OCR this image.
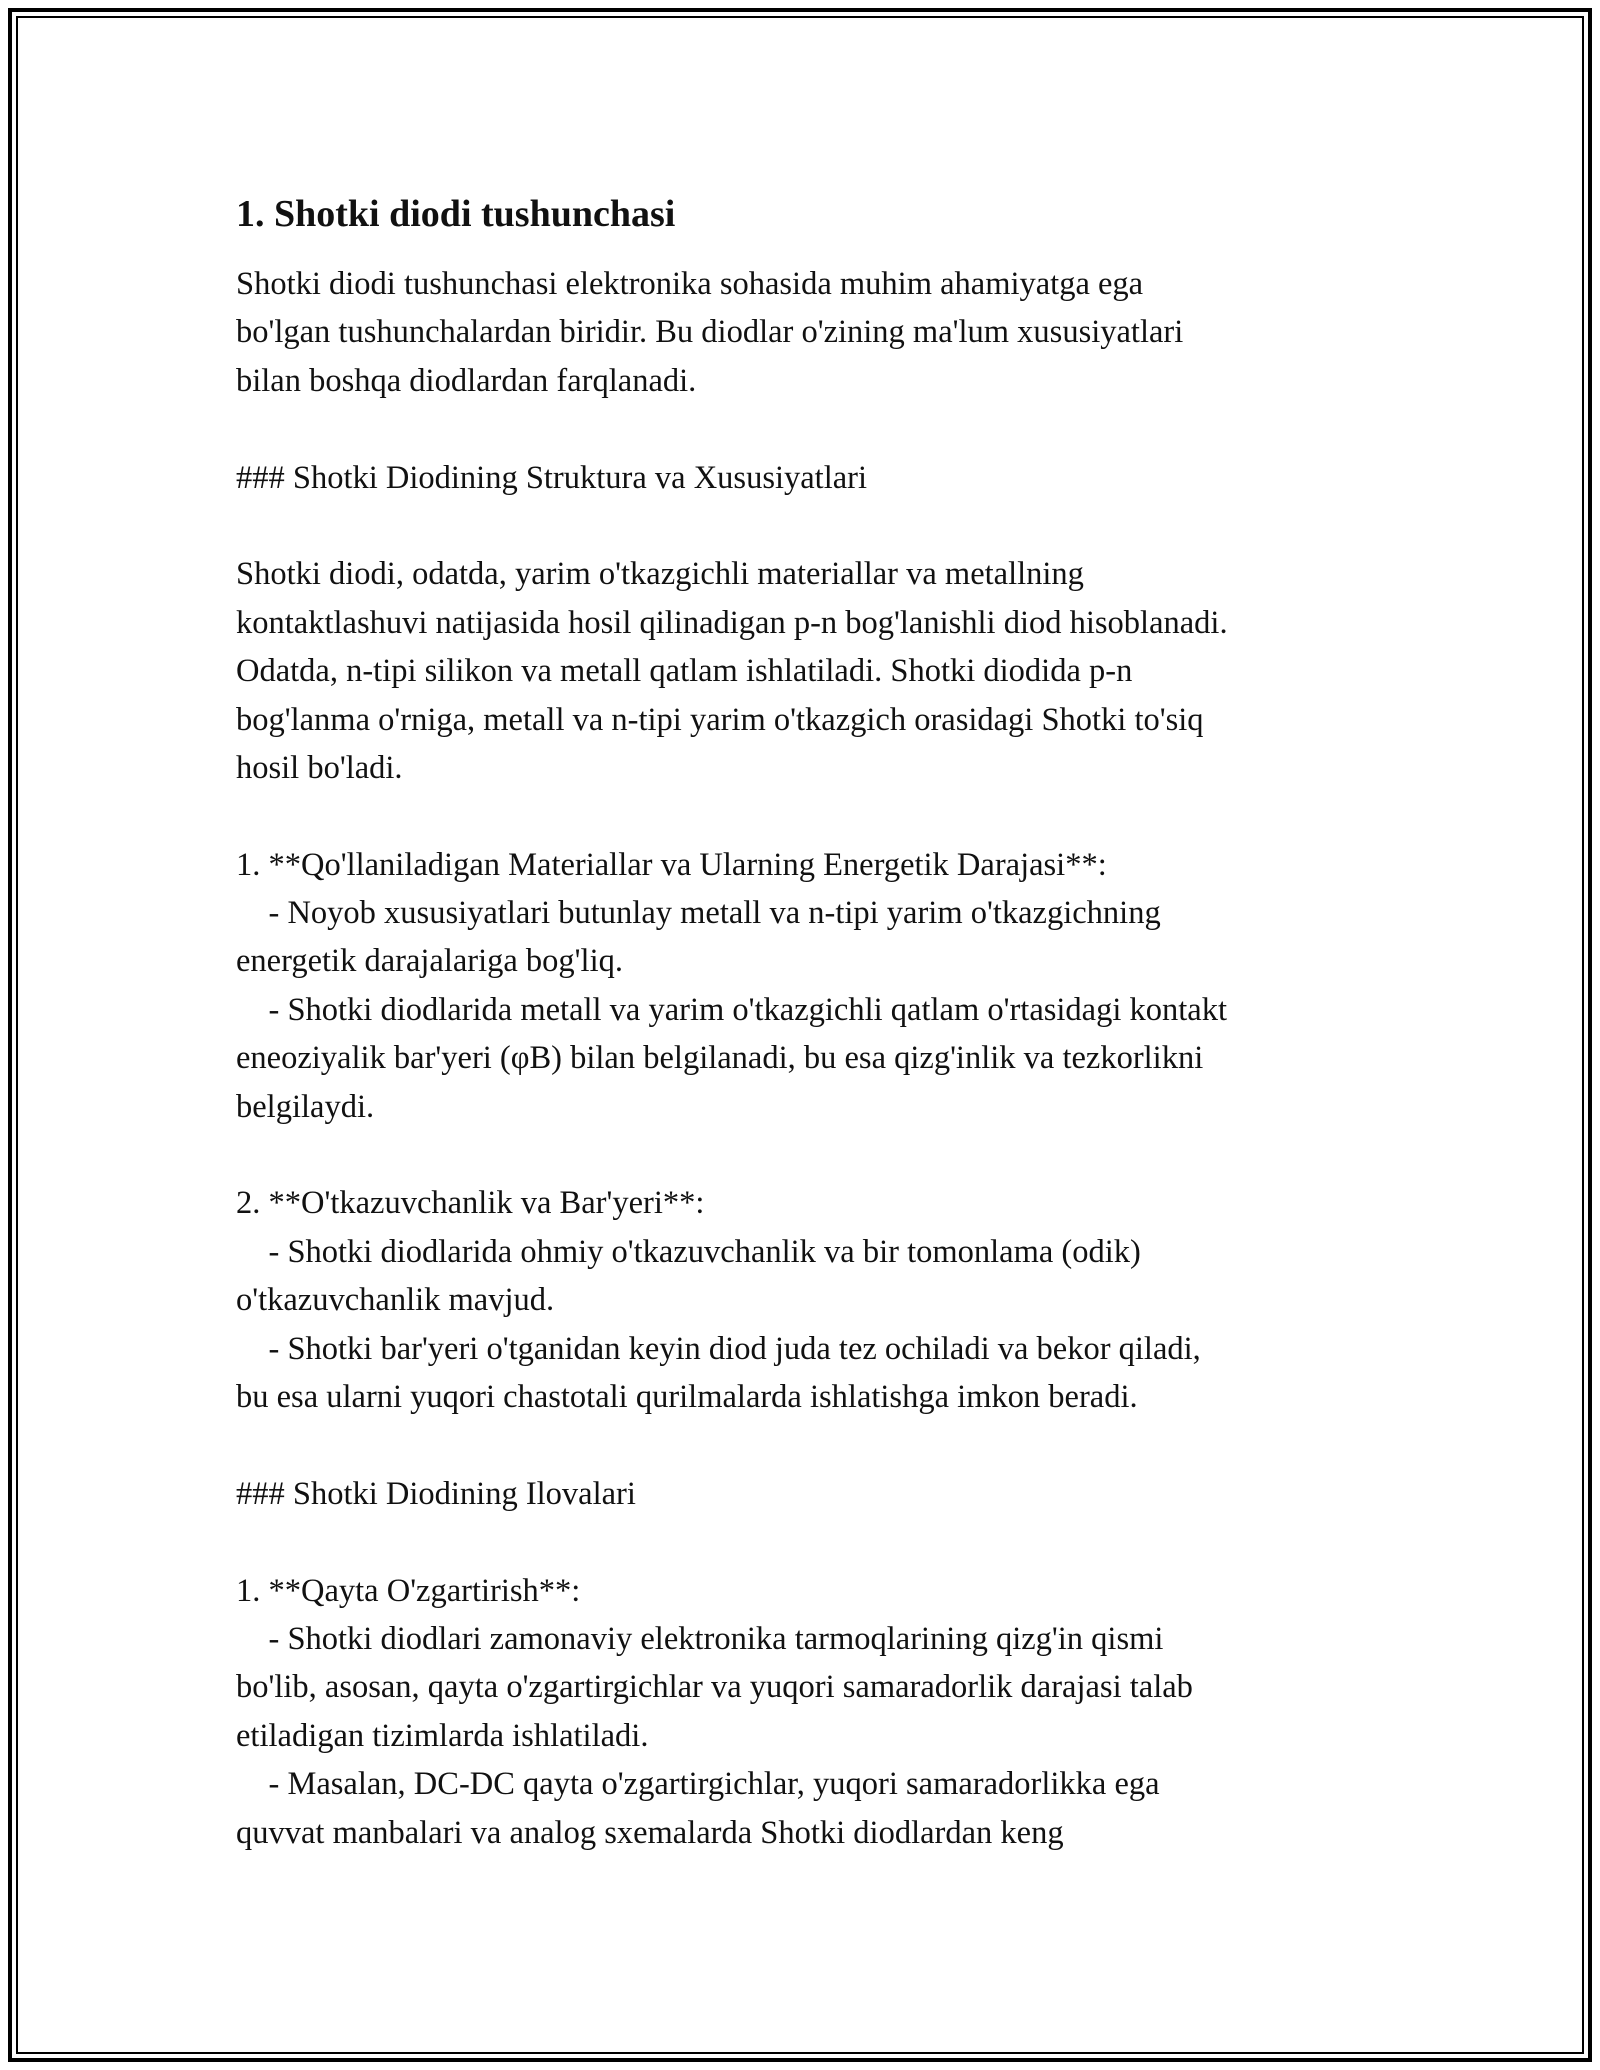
1. Shotki diodi tushunchasi

Shotki diodi tushunchasi elektronika sohasida muhim ahamiyatga ega

bo'lgan tushunchalardan biridir. Bu diodlar o'zining ma'lum xususiyatlari

bilan boshqa diodlardan farqlanadi.

### Shotki Diodining Struktura va Xususiyatlari

Shotki diodi, odatda, yarim o'tkazgichli materiallar va metallning

kontaktlashuvi natijasida hosil qilinadigan p-n bog'lanishli diod hisoblanadi.

Odatda, n-tipi silikon va metall qatlam ishlatiladi. Shotki diodida p-n

bog'lanma o'rniga, metall va n-tipi yarim o'tkazgich orasidagi Shotki to'siq

hosil bo'ladi.

1. **Qo'llaniladigan Materiallar va Ularning Energetik Darajasi**:

- Noyob xususiyatlari butunlay metall va n-tipi yarim o'tkazgichning

energetik darajalariga bog'liq.

- Shotki diodlarida metall va yarim o'tkazgichli qatlam o'rtasidagi kontakt

eneoziyalik bar'yeri (φB) bilan belgilanadi, bu esa qizg'inlik va tezkorlikni

belgilaydi.

2. **O'tkazuvchanlik va Bar'yeri**:

- Shotki diodlarida ohmiy o'tkazuvchanlik va bir tomonlama (odik)

o'tkazuvchanlik mavjud.

- Shotki bar'yeri o'tganidan keyin diod juda tez ochiladi va bekor qiladi,

bu esa ularni yuqori chastotali qurilmalarda ishlatishga imkon beradi.

### Shotki Diodining Ilovalari

1. **Qayta O'zgartirish**:

- Shotki diodlari zamonaviy elektronika tarmoqlarining qizg'in qismi

bo'lib, asosan, qayta o'zgartirgichlar va yuqori samaradorlik darajasi talab

etiladigan tizimlarda ishlatiladi.

- Masalan, DC-DC qayta o'zgartirgichlar, yuqori samaradorlikka ega

quvvat manbalari va analog sxemalarda Shotki diodlardan keng
